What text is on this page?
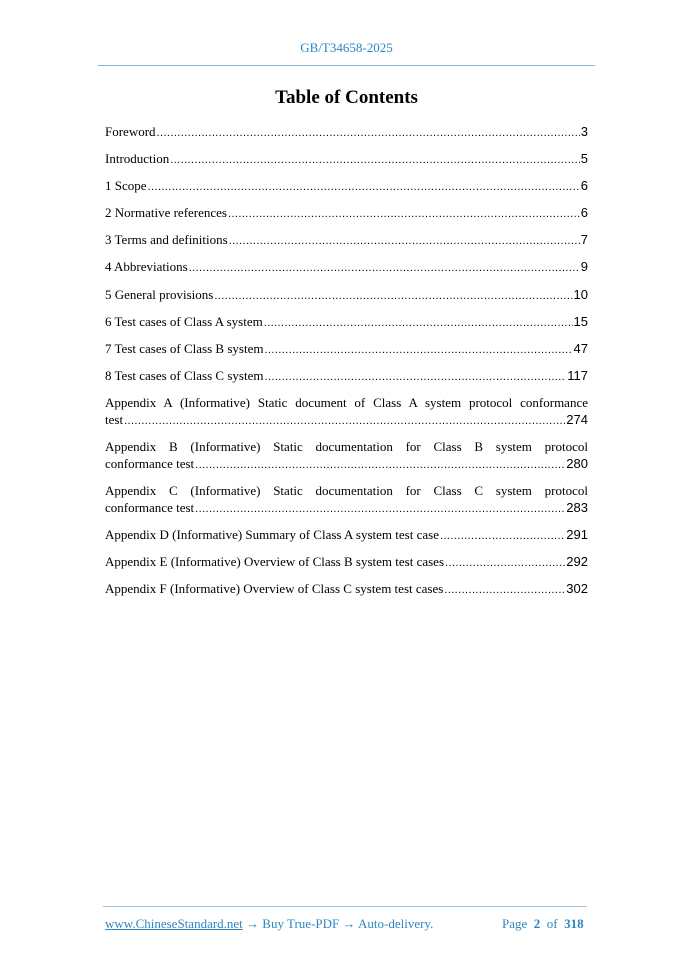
GB/T34658-2025
Table of Contents
Foreword .....	3
Introduction .....	5
1 Scope .....	6
2 Normative references .....	6
3 Terms and definitions .....	7
4 Abbreviations .....	9
5 General provisions .....	10
6 Test cases of Class A system .....	15
7 Test cases of Class B system .....	47
8 Test cases of Class C system .....	117
Appendix A (Informative) Static document of Class A system protocol conformance
test .....	274
Appendix B (Informative) Static documentation for Class B system protocol
conformance test .....	280
Appendix C (Informative) Static documentation for Class C system protocol
conformance test .....	283
Appendix D (Informative) Summary of Class A system test case .....	291
Appendix E (Informative) Overview of Class B system test cases .....	292
Appendix F (Informative) Overview of Class C system test cases .....	302
www.ChineseStandard.net → Buy True-PDF → Auto-delivery.	Page 2 of 318
